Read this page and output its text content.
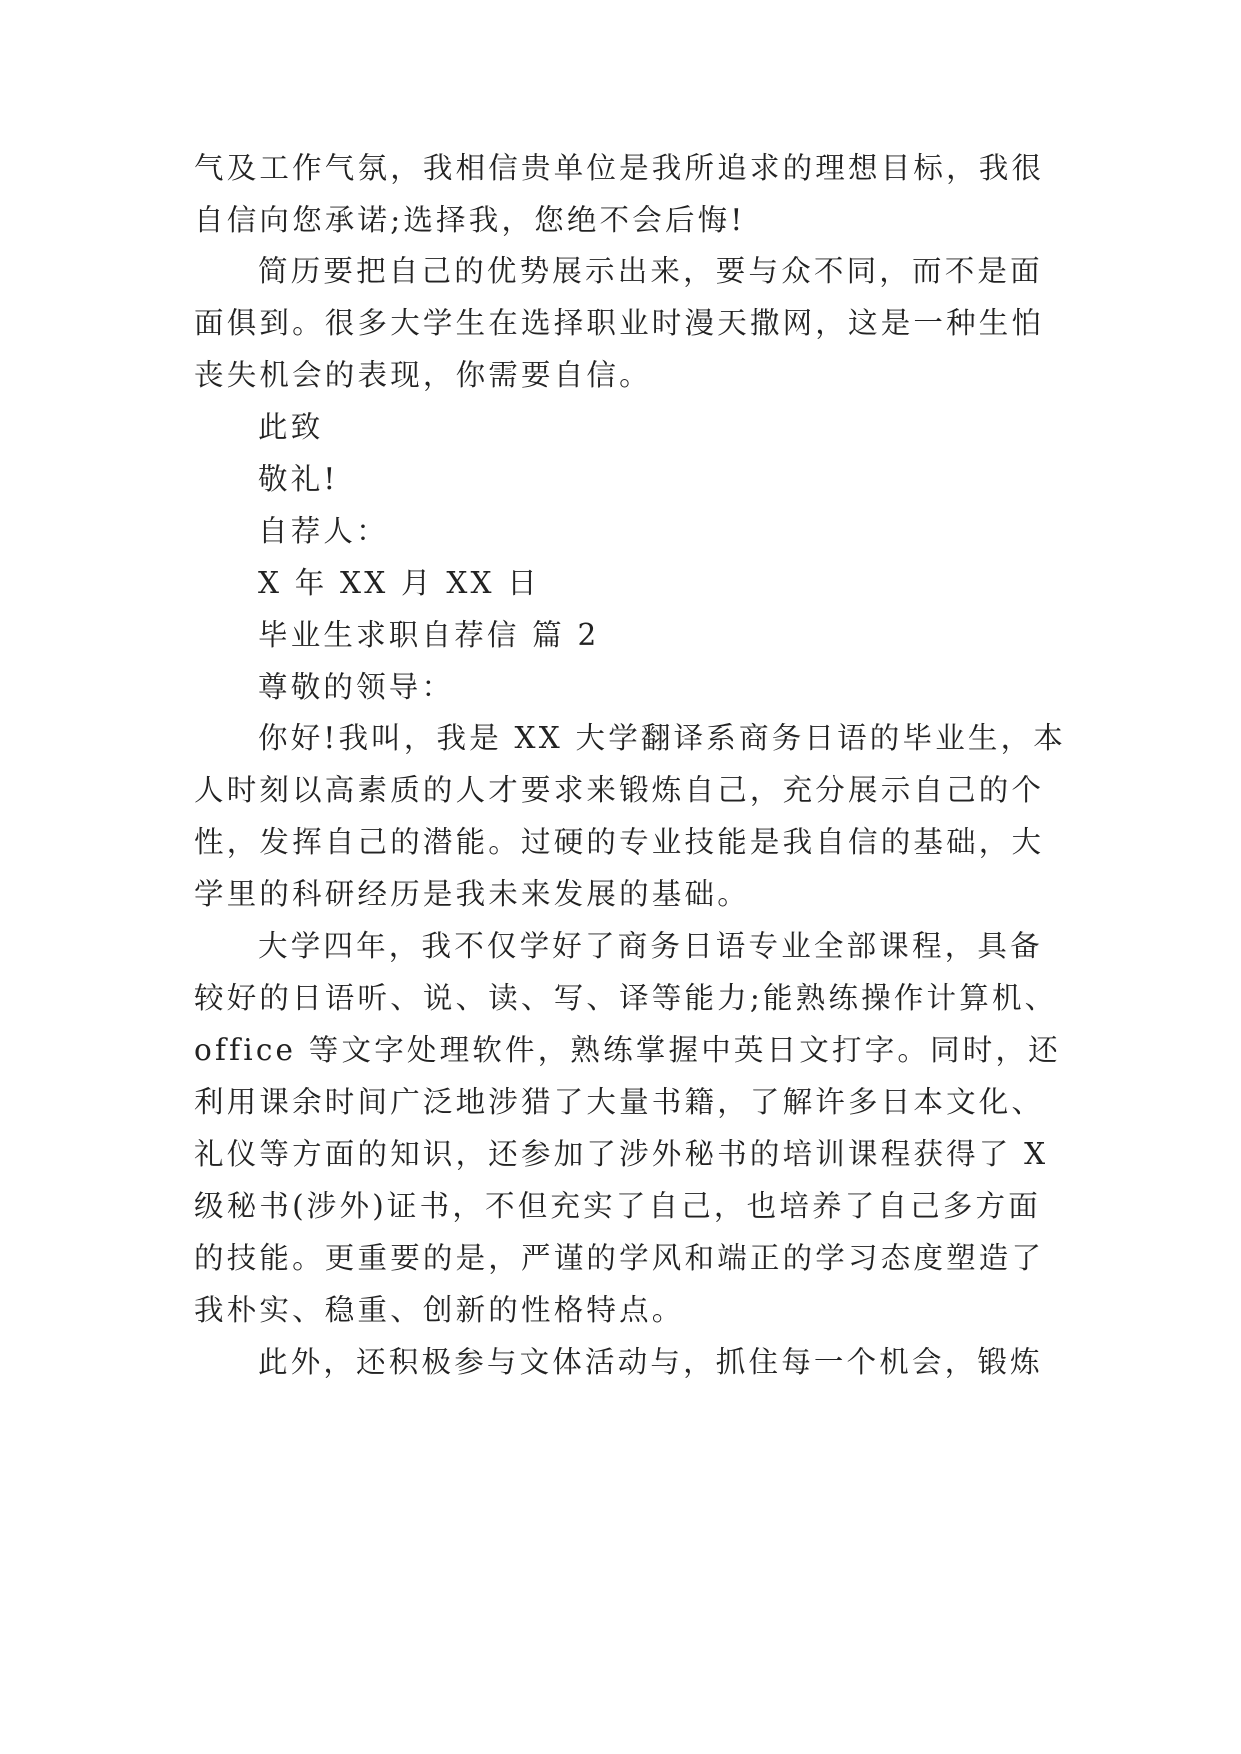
气及工作气氛，我相信贵单位是我所追求的理想目标，我很
自信向您承诺;选择我，您绝不会后悔!
简历要把自己的优势展示出来，要与众不同，而不是面
面俱到。很多大学生在选择职业时漫天撒网，这是一种生怕
丧失机会的表现，你需要自信。
此致
敬礼!
自荐人：
X 年 XX 月 XX 日
毕业生求职自荐信 篇 2
尊敬的领导：
你好!我叫，我是 XX 大学翻译系商务日语的毕业生，本
人时刻以高素质的人才要求来锻炼自己，充分展示自己的个
性，发挥自己的潜能。过硬的专业技能是我自信的基础，大
学里的科研经历是我未来发展的基础。
大学四年，我不仅学好了商务日语专业全部课程，具备
较好的日语听、说、读、写、译等能力;能熟练操作计算机、
office 等文字处理软件，熟练掌握中英日文打字。同时，还
利用课余时间广泛地涉猎了大量书籍，了解许多日本文化、
礼仪等方面的知识，还参加了涉外秘书的培训课程获得了 X
级秘书(涉外)证书，不但充实了自己，也培养了自己多方面
的技能。更重要的是，严谨的学风和端正的学习态度塑造了
我朴实、稳重、创新的性格特点。
此外，还积极参与文体活动与，抓住每一个机会，锻炼
